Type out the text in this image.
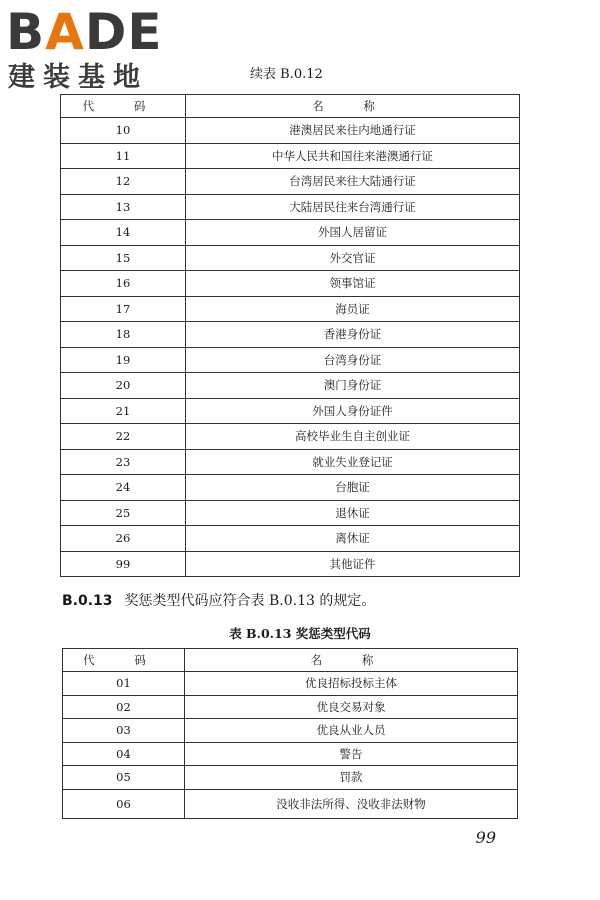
BADE
建装基地	续表 B.0.12
代 码	名 称
10	港澳居民来往内地通行证
11	中华人民共和国往来港澳通行证
12	台湾居民来往大陆通行证
13	大陆居民往来台湾通行证
14	外国人居留证
15	外交官证
16	领事馆证
17	海员证
18	香港身份证
19	台湾身份证
20	澳门身份证
21	外国人身份证件
22	高校毕业生自主创业证
23	就业失业登记证
24	台胞证
25	退休证
26	离休证
99	其他证件
B.0.13 奖惩类型代码应符合表 B.0.13 的规定。
表 B.0.13 奖惩类型代码
代 码	名 称
01	优良招标投标主体
02	优良交易对象
03	优良从业人员
04	警告
05	罚款
06	没收非法所得、没收非法财物
99
